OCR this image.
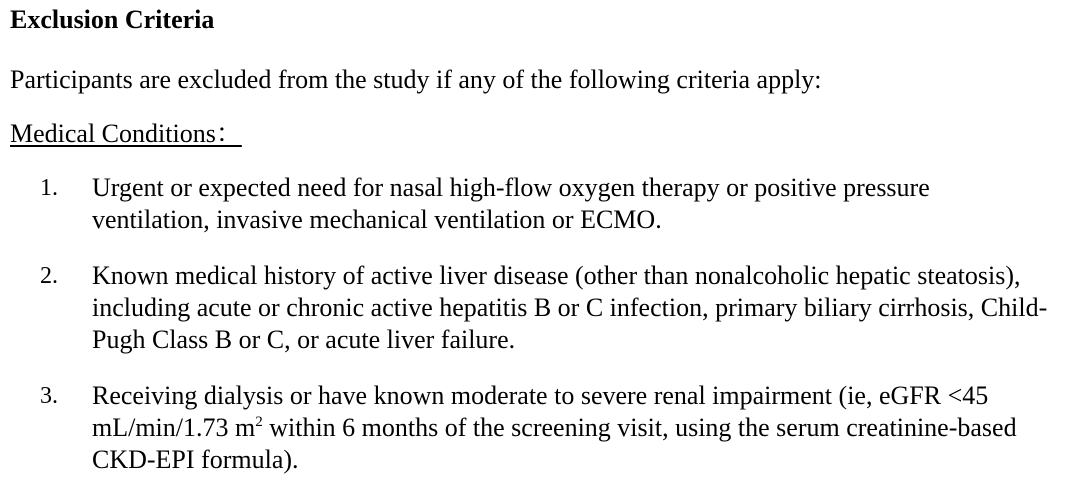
Exclusion Criteria

Participants are excluded from the study if any of the following criteria apply:

Medical Conditions：

1. Urgent or expected need for nasal high-flow oxygen therapy or positive pressure ventilation, invasive mechanical ventilation or ECMO.
2. Known medical history of active liver disease (other than nonalcoholic hepatic steatosis), including acute or chronic active hepatitis B or C infection, primary biliary cirrhosis, Child-Pugh Class B or C, or acute liver failure.
3. Receiving dialysis or have known moderate to severe renal impairment (ie, eGFR <45 mL/min/1.73 $m^2$ within 6 months of the screening visit, using the serum creatinine-based CKD-EPI formula).
